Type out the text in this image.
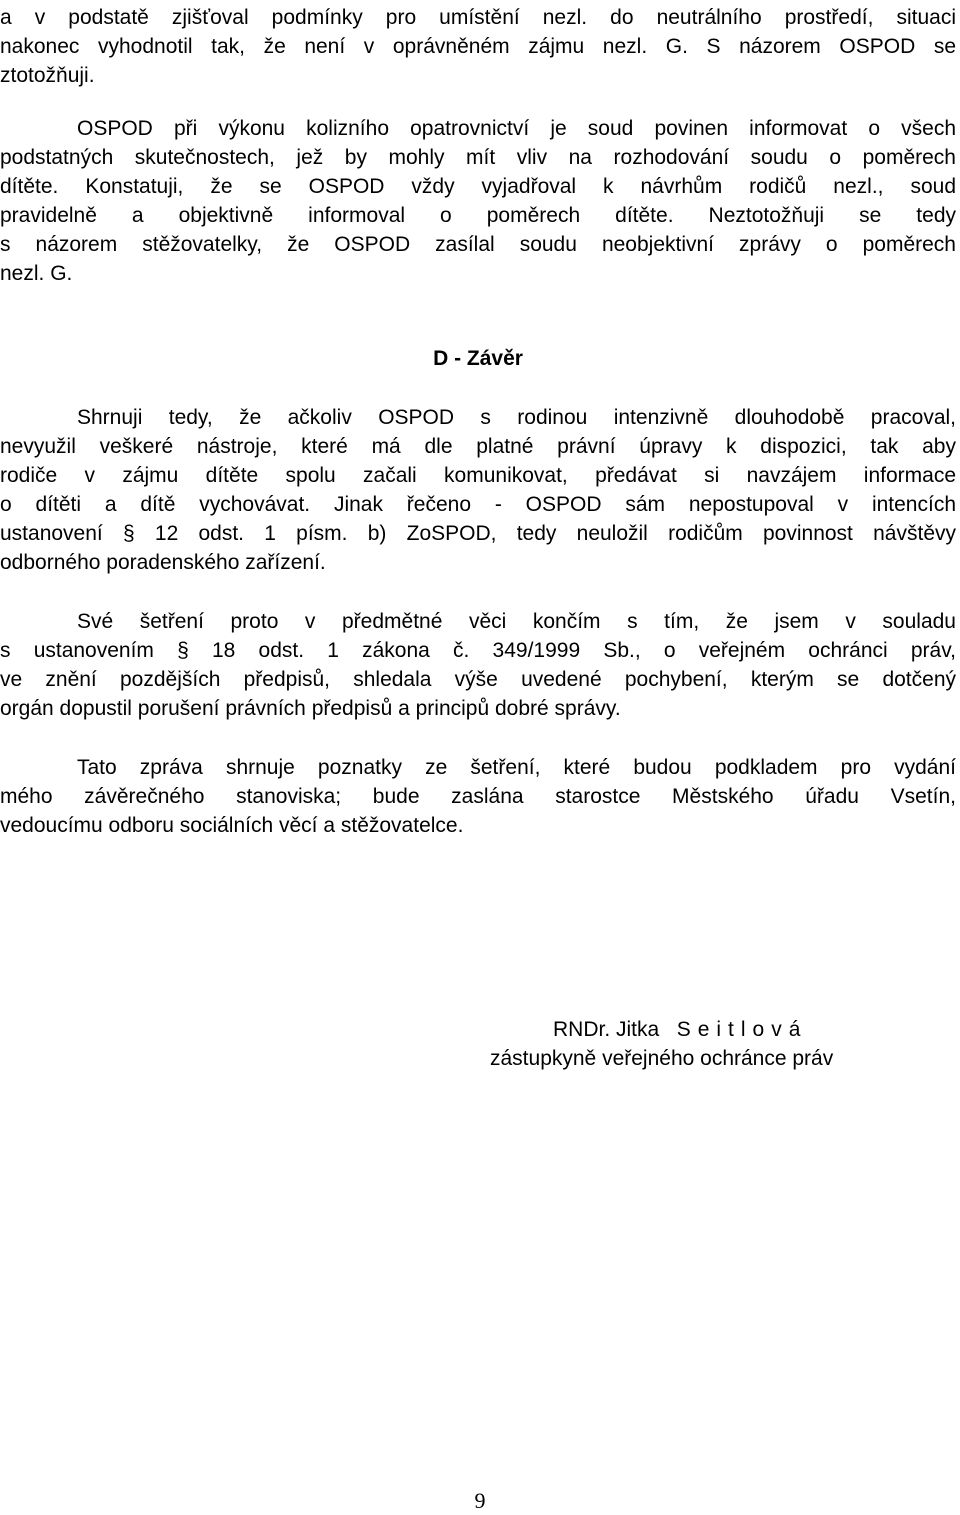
a v podstatě zjišťoval podmínky pro umístění nezl. do neutrálního prostředí, situaci
nakonec vyhodnotil tak, že není v oprávněném zájmu nezl. G. S názorem OSPOD se
ztotožňuji.
OSPOD při výkonu kolizního opatrovnictví je soud povinen informovat o všech
podstatných skutečnostech, jež by mohly mít vliv na rozhodování soudu o poměrech
dítěte. Konstatuji, že se OSPOD vždy vyjadřoval k návrhům rodičů nezl., soud
pravidelně a objektivně informoval o poměrech dítěte. Neztotožňuji se tedy
s názorem stěžovatelky, že OSPOD zasílal soudu neobjektivní zprávy o poměrech
nezl. G.
D - Závěr
Shrnuji tedy, že ačkoliv OSPOD s rodinou intenzivně dlouhodobě pracoval,
nevyužil veškeré nástroje, které má dle platné právní úpravy k dispozici, tak aby
rodiče v zájmu dítěte spolu začali komunikovat, předávat si navzájem informace
o dítěti a dítě vychovávat. Jinak řečeno - OSPOD sám nepostupoval v intencích
ustanovení § 12 odst. 1 písm. b) ZoSPOD, tedy neuložil rodičům povinnost návštěvy
odborného poradenského zařízení.
Své šetření proto v předmětné věci končím s tím, že jsem v souladu
s ustanovením § 18 odst. 1 zákona č. 349/1999 Sb., o veřejném ochránci práv,
ve znění pozdějších předpisů, shledala výše uvedené pochybení, kterým se dotčený
orgán dopustil porušení právních předpisů a principů dobré správy.
Tato zpráva shrnuje poznatky ze šetření, které budou podkladem pro vydání
mého závěrečného stanoviska; bude zaslána starostce Městského úřadu Vsetín,
vedoucímu odboru sociálních věcí a stěžovatelce.
RNDr. Jitka Seitlová
zástupkyně veřejného ochránce práv
9
